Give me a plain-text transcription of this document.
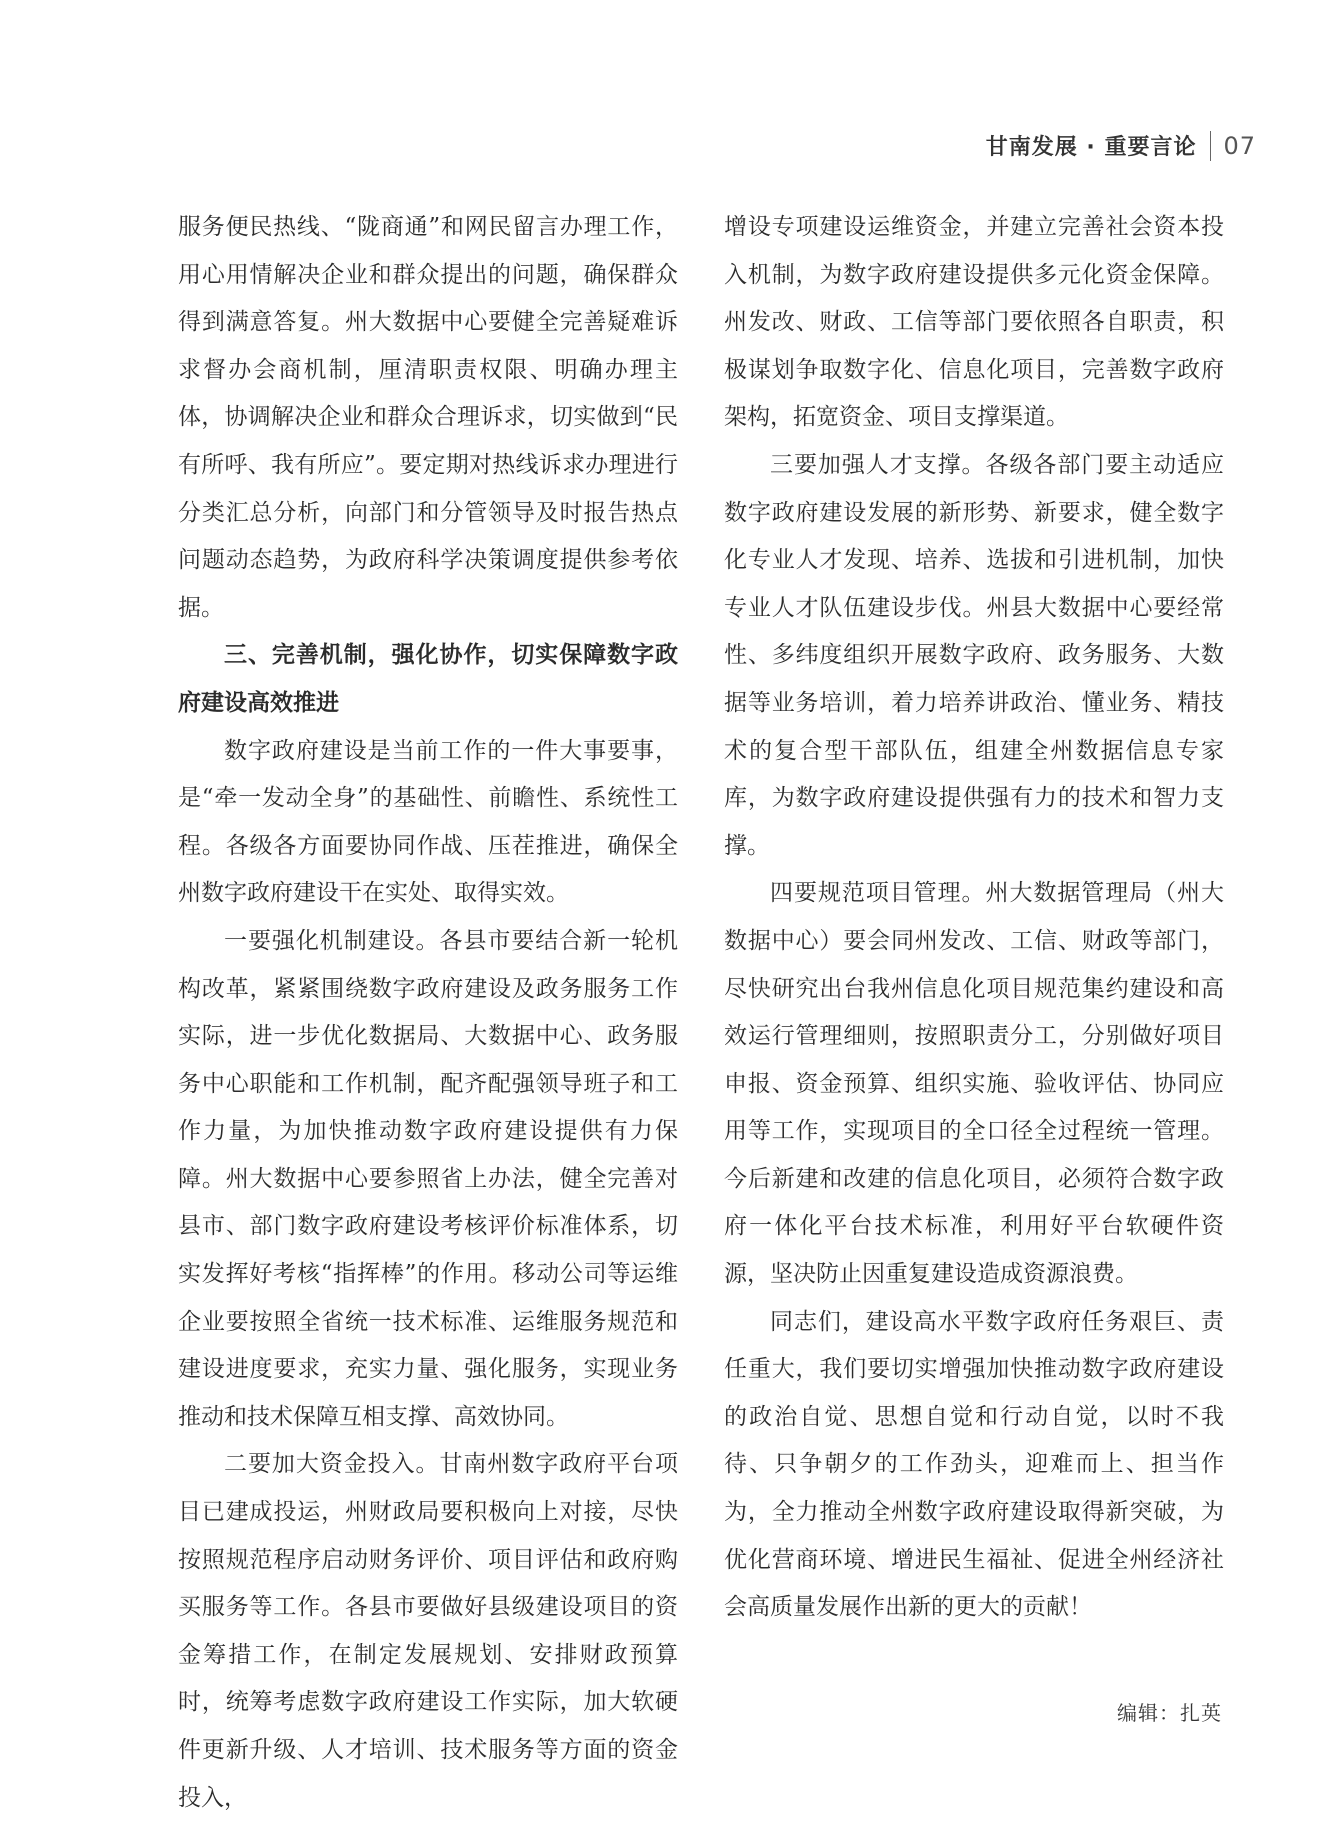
甘南发展 · 重要言论 07

服务便民热线、“陇商通”和网民留言办理工作，用心用情解决企业和群众提出的问题，确保群众得到满意答复。州大数据中心要健全完善疑难诉求督办会商机制，厘清职责权限、明确办理主体，协调解决企业和群众合理诉求，切实做到“民有所呼、我有所应”。要定期对热线诉求办理进行分类汇总分析，向部门和分管领导及时报告热点问题动态趋势，为政府科学决策调度提供参考依据。

三、完善机制，强化协作，切实保障数字政府建设高效推进

数字政府建设是当前工作的一件大事要事，是“牵一发动全身”的基础性、前瞻性、系统性工程。各级各方面要协同作战、压茬推进，确保全州数字政府建设干在实处、取得实效。

一要强化机制建设。各县市要结合新一轮机构改革，紧紧围绕数字政府建设及政务服务工作实际，进一步优化数据局、大数据中心、政务服务中心职能和工作机制，配齐配强领导班子和工作力量，为加快推动数字政府建设提供有力保障。州大数据中心要参照省上办法，健全完善对县市、部门数字政府建设考核评价标准体系，切实发挥好考核“指挥棒”的作用。移动公司等运维企业要按照全省统一技术标准、运维服务规范和建设进度要求，充实力量、强化服务，实现业务推动和技术保障互相支撑、高效协同。

二要加大资金投入。甘南州数字政府平台项目已建成投运，州财政局要积极向上对接，尽快按照规范程序启动财务评价、项目评估和政府购买服务等工作。各县市要做好县级建设项目的资金筹措工作，在制定发展规划、安排财政预算时，统筹考虑数字政府建设工作实际，加大软硬件更新升级、人才培训、技术服务等方面的资金投入，

增设专项建设运维资金，并建立完善社会资本投入机制，为数字政府建设提供多元化资金保障。州发改、财政、工信等部门要依照各自职责，积极谋划争取数字化、信息化项目，完善数字政府架构，拓宽资金、项目支撑渠道。

三要加强人才支撑。各级各部门要主动适应数字政府建设发展的新形势、新要求，健全数字化专业人才发现、培养、选拔和引进机制，加快专业人才队伍建设步伐。州县大数据中心要经常性、多纬度组织开展数字政府、政务服务、大数据等业务培训，着力培养讲政治、懂业务、精技术的复合型干部队伍，组建全州数据信息专家库，为数字政府建设提供强有力的技术和智力支撑。

四要规范项目管理。州大数据管理局（州大数据中心）要会同州发改、工信、财政等部门，尽快研究出台我州信息化项目规范集约建设和高效运行管理细则，按照职责分工，分别做好项目申报、资金预算、组织实施、验收评估、协同应用等工作，实现项目的全口径全过程统一管理。今后新建和改建的信息化项目，必须符合数字政府一体化平台技术标准，利用好平台软硬件资源，坚决防止因重复建设造成资源浪费。

同志们，建设高水平数字政府任务艰巨、责任重大，我们要切实增强加快推动数字政府建设的政治自觉、思想自觉和行动自觉，以时不我待、只争朝夕的工作劲头，迎难而上、担当作为，全力推动全州数字政府建设取得新突破，为优化营商环境、增进民生福祉、促进全州经济社会高质量发展作出新的更大的贡献！

编辑：扎英
